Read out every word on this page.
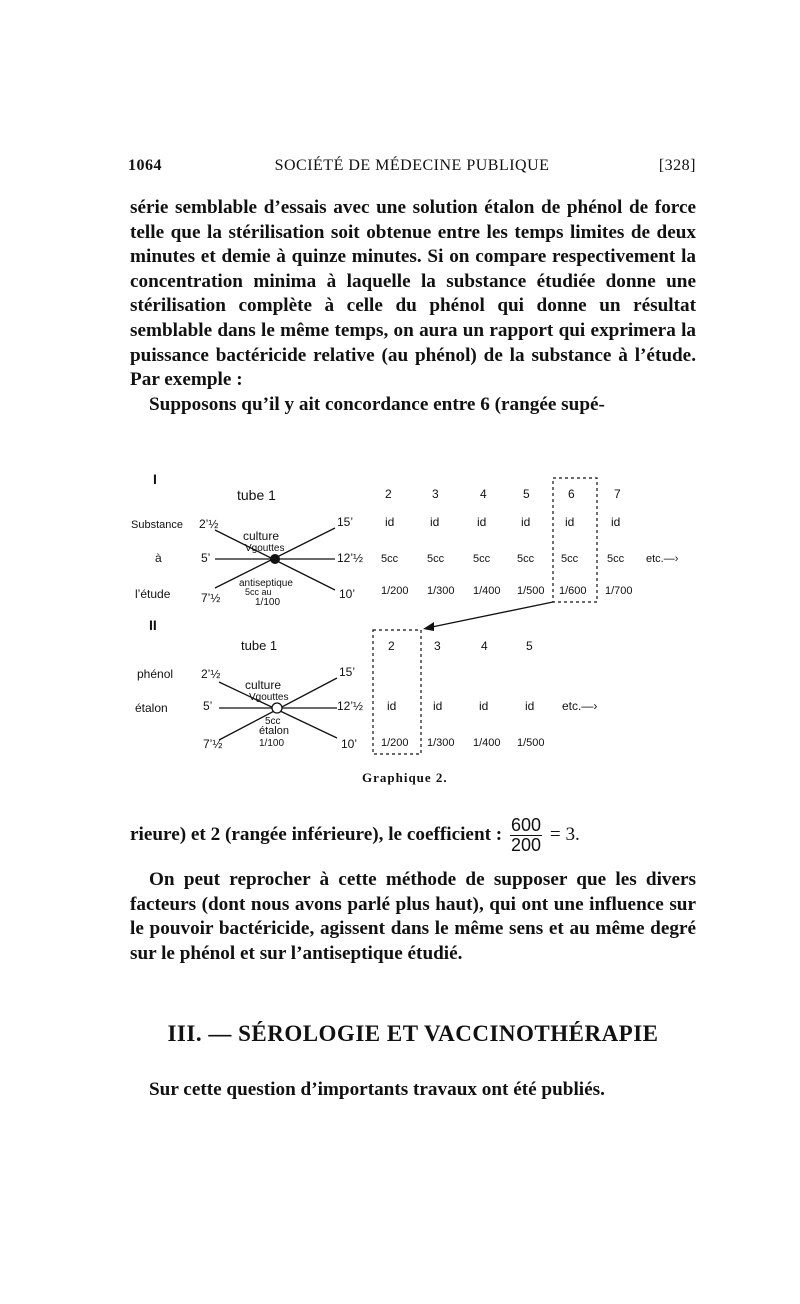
1064	SOCIÉTÉ DE MÉDECINE PUBLIQUE	[328]

série semblable d’essais avec une solution étalon de phénol de force telle que la stérilisation soit obtenue entre les temps limites de deux minutes et demie à quinze minutes. Si on compare respectivement la concentration minima à laquelle la substance étudiée donne une stérilisation complète à celle du phénol qui donne un résultat semblable dans le même temps, on aura un rapport qui exprimera la puissance bactéricide relative (au phénol) de la substance à l’étude. Par exemple :

Supposons qu’il y ait concordance entre 6 (rangée supé-

I
tube 1
Substance
à
l’étude
2’½
5’
7’½
culture
Vgouttes
antiseptique
5cc au
1/100
15’
12’½
10’
2
id
5cc
1/200
3
id
5cc
1/300
4
id
5cc
1/400
5
id
5cc
1/500
6
id
5cc
1/600
7
id
5cc
1/700
etc.—›
II
tube 1
phénol
étalon
2’½
5’
7’½
culture
Vgouttes
5cc
étalon
1/100
15’
12’½
10’
2
id
1/200
3
id
1/300
4
id
1/400
5
id
1/500
etc.—›
Graphique 2.

rieure) et 2 (rangée inférieure), le coefficient : $\frac{600}{200} = 3$.

On peut reprocher à cette méthode de supposer que les divers facteurs (dont nous avons parlé plus haut), qui ont une influence sur le pouvoir bactéricide, agissent dans le même sens et au même degré sur le phénol et sur l’antiseptique étudié.

III. — SÉROLOGIE ET VACCINOTHÉRAPIE

Sur cette question d’importants travaux ont été publiés.
